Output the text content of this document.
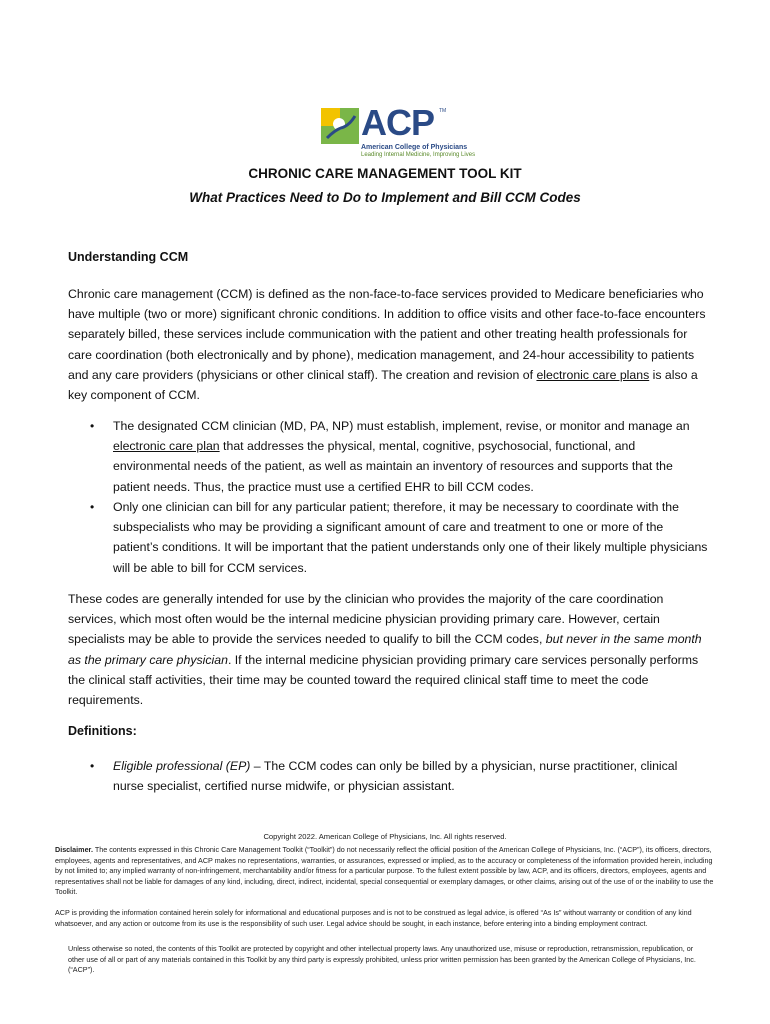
ACP TM
American College of Physicians
Leading Internal Medicine, Improving Lives
CHRONIC CARE MANAGEMENT TOOL KIT
What Practices Need to Do to Implement and Bill CCM Codes
Understanding CCM
Chronic care management (CCM) is defined as the non-face-to-face services provided to Medicare beneficiaries who have multiple (two or more) significant chronic conditions. In addition to office visits and other face-to-face encounters separately billed, these services include communication with the patient and other treating health professionals for care coordination (both electronically and by phone), medication management, and 24-hour accessibility to patients and any care providers (physicians or other clinical staff). The creation and revision of electronic care plans is also a key component of CCM.
• The designated CCM clinician (MD, PA, NP) must establish, implement, revise, or monitor and manage an electronic care plan that addresses the physical, mental, cognitive, psychosocial, functional, and environmental needs of the patient, as well as maintain an inventory of resources and supports that the patient needs. Thus, the practice must use a certified EHR to bill CCM codes.
• Only one clinician can bill for any particular patient; therefore, it may be necessary to coordinate with the subspecialists who may be providing a significant amount of care and treatment to one or more of the patient’s conditions. It will be important that the patient understands only one of their likely multiple physicians will be able to bill for CCM services.
These codes are generally intended for use by the clinician who provides the majority of the care coordination services, which most often would be the internal medicine physician providing primary care. However, certain specialists may be able to provide the services needed to qualify to bill the CCM codes, but never in the same month as the primary care physician. If the internal medicine physician providing primary care services personally performs the clinical staff activities, their time may be counted toward the required clinical staff time to meet the code requirements.
Definitions:
• Eligible professional (EP) – The CCM codes can only be billed by a physician, nurse practitioner, clinical nurse specialist, certified nurse midwife, or physician assistant.
Copyright 2022. American College of Physicians, Inc. All rights reserved.
Disclaimer. The contents expressed in this Chronic Care Management Toolkit (“Toolkit”) do not necessarily reflect the official position of the American College of Physicians, Inc. (“ACP”), its officers, directors, employees, agents and representatives, and ACP makes no representations, warranties, or assurances, expressed or implied, as to the accuracy or completeness of the information provided herein, including by not limited to; any implied warranty of non-infringement, merchantability and/or fitness for a particular purpose. To the fullest extent possible by law, ACP, and its officers, directors, employees, agents and representatives shall not be liable for damages of any kind, including, direct, indirect, incidental, special consequential or exemplary damages, or other claims, arising out of the use of or the inability to use the Toolkit.
ACP is providing the information contained herein solely for informational and educational purposes and is not to be construed as legal advice, is offered “As Is” without warranty or condition of any kind whatsoever, and any action or outcome from its use is the responsibility of such user. Legal advice should be sought, in each instance, before entering into a binding employment contract.
Unless otherwise so noted, the contents of this Toolkit are protected by copyright and other intellectual property laws. Any unauthorized use, misuse or reproduction, retransmission, republication, or other use of all or part of any materials contained in this Toolkit by any third party is expressly prohibited, unless prior written permission has been granted by the American College of Physicians, Inc. (“ACP”).
